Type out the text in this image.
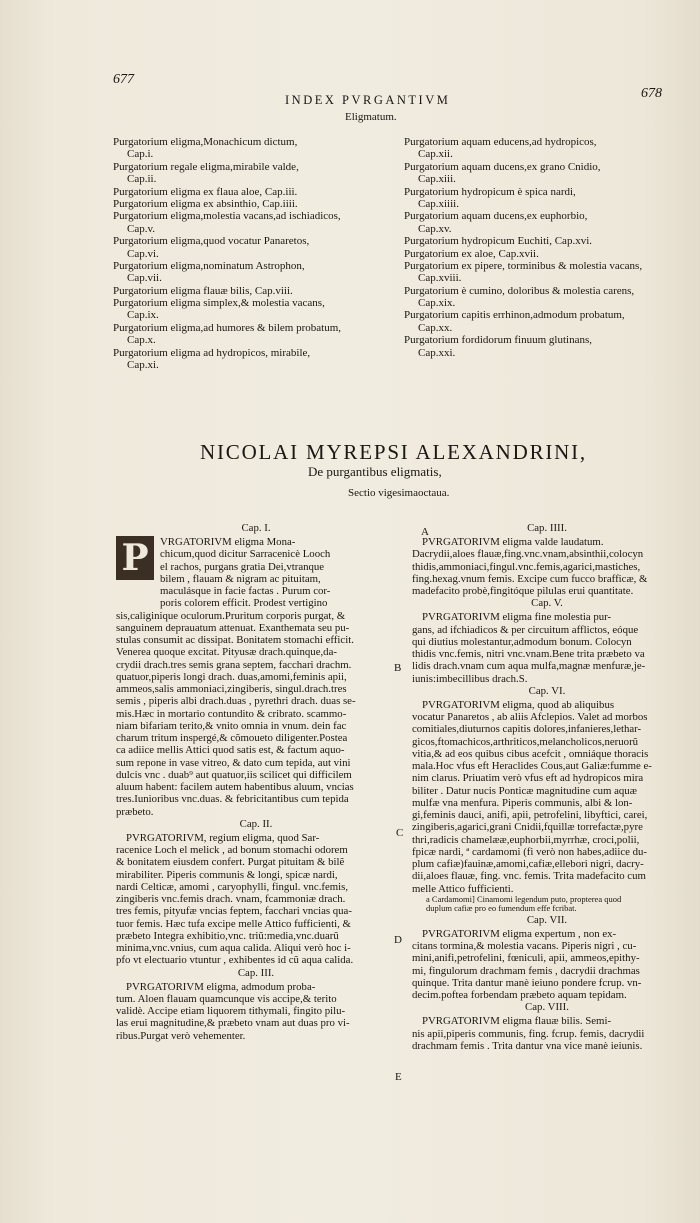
677
678
INDEX PVRGANTIVM
Eligmatum.
Purgatorium eligma,Monachicum dictum,
Cap.i.
Purgatorium regale eligma,mirabile valde,
Cap.ii.
Purgatorium eligma ex flaua aloe, Cap.iii.
Purgatorium eligma ex absinthio, Cap.iiii.
Purgatorium eligma,molestia vacans,ad ischiadicos,
Cap.v.
Purgatorium eligma,quod vocatur Panaretos,
Cap.vi.
Purgatorium eligma,nominatum Astrophon,
Cap.vii.
Purgatorium eligma flauæ bilis, Cap.viii.
Purgatorium eligma simplex,& molestia vacans,
Cap.ix.
Purgatorium eligma,ad humores & bilem probatum,
Cap.x.
Purgatorium eligma ad hydropicos, mirabile,
Cap.xi.
Purgatorium aquam educens,ad hydropicos,
Cap.xii.
Purgatorium aquam ducens,ex grano Cnidio,
Cap.xiii.
Purgatorium hydropicum è spica nardi,
Cap.xiiii.
Purgatorium aquam ducens,ex euphorbio,
Cap.xv.
Purgatorium hydropicum Euchiti, Cap.xvi.
Purgatorium ex aloe, Cap.xvii.
Purgatorium ex pipere, torminibus & molestia vacans,
Cap.xviii.
Purgatorium è cumino, doloribus & molestia carens,
Cap.xix.
Purgatorium capitis errhinon,admodum probatum,
Cap.xx.
Purgatorium fordidorum finuum glutinans,
Cap.xxi.
NICOLAI MYREPSI ALEXANDRINI,
De purgantibus eligmatis,
Sectio vigesimaoctaua.
P
Cap. I.
VRGATORIVM eligma Mona-
chicum,quod dicitur Sarracenicè Looch
el rachos, purgans gratia Dei,vtranque
bilem , flauam & nigram ac pituitam,
maculásque in facie factas . Purum cor-
poris colorem efficit. Prodest vertigino
sis,caliginique oculorum.Pruritum corporis purgat, &
sanguinem deprauatum attenuat. Exanthemata seu pu-
stulas consumit ac dissipat. Bonitatem stomachi efficit.
Venerea quoque excitat. Pityusæ drach.quinque,da-
crydii drach.tres semis grana septem, facchari drachm.
quatuor,piperis longi drach. duas,amomi,feminis apii,
ammeos,salis ammoniaci,zingiberis, singul.drach.tres
semis , piperis albi drach.duas , pyrethri drach. duas se-
mis.Hæc in mortario contundito & cribrato. scammo-
niam bifariam terito,& vnito omnia in vnum. dein fac
charum tritum inspergé,& cõmoueto diligenter.Postea
ca adiice mellis Attici quod satis est, & factum aquo-
sum repone in vase vitreo, & dato cum tepida, aut vini
dulcis vnc . duab⁹ aut quatuor,iis scilicet qui difficilem
aluum habent: facilem autem habentibus aluum, vncias
tres.Iunioribus vnc.duas. & febricitantibus cum tepida
præbeto.
Cap. II.
PVRGATORIVM, regium eligma, quod Sar-
racenice Loch el melick , ad bonum stomachi odorem
& bonitatem eiusdem confert. Purgat pituitam & bilẽ
mirabiliter. Piperis communis & longi, spicæ nardi,
nardi Celticæ, amomi , caryophylli, fingul. vnc.femis,
zingiberis vnc.femis drach. vnam, fcammoniæ drach.
tres femis, pityufæ vncias feptem, facchari vncias qua-
tuor femis. Hæc tufa excipe melle Attico fufficienti, &
præbeto Integra exhibitio,vnc. triũ:media,vnc.duarũ
minima,vnc.vnius, cum aqua calida. Aliqui verò hoc i-
pfo vt electuario vtuntur , exhibentes id cũ aqua calida.
Cap. III.
PVRGATORIVM eligma, admodum proba-
tum. Aloen flauam quamcunque vis accipe,& terito
validè. Accipe etiam liquorem tithymali, fingito pilu-
las erui magnitudine,& præbeto vnam aut duas pro vi-
ribus.Purgat verò vehementer.
Cap. IIII.
PVRGATORIVM eligma valde laudatum.
Dacrydii,aloes flauæ,fing.vnc.vnam,absinthii,colocyn
thidis,ammoniaci,fingul.vnc.femis,agarici,mastiches,
fing.hexag.vnum femis. Excipe cum fucco brafficæ, &
madefacito probè,fingitóque pilulas erui quantitate.
Cap. V.
PVRGATORIVM eligma fine molestia pur-
gans, ad ifchiadicos & per circuitum afflictos, eóque
qui diutius molestantur,admodum bonum. Colocyn
thidis vnc.femis, nitri vnc.vnam.Bene trita præbeto va
lidis drach.vnam cum aqua mulfa,magnæ menfuræ,je-
iunis:imbecillibus drach.S.
Cap. VI.
PVRGATORIVM eligma, quod ab aliquibus
vocatur Panaretos , ab aliis Afclepios. Valet ad morbos
comitiales,diuturnos capitis dolores,infanieres,lethar-
gicos,ftomachicos,arthriticos,melancholicos,neruorũ
vitia,& ad eos quibus cibus acefcit , omniáque thoracis
mala.Hoc vfus eft Heraclides Cous,aut Galiæ:fumme e-
nim clarus. Priuatim verò vfus eft ad hydropicos mira
biliter . Datur nucis Ponticæ magnitudine cum aquæ
mulfæ vna menfura. Piperis communis, albi & lon-
gi,feminis dauci, anifi, apii, petrofelini, libyftici, carei,
zingiberis,agarici,grani Cnidii,fquillæ torrefactæ,pyre
thri,radicis chamelææ,euphorbii,myrrhæ, croci,polii,
fpicæ nardi, ª cardamomi (fi verò non habes,adiice du-
plum cafiæ)fauinæ,amomi,cafiæ,ellebori nigri, dacry-
dii,aloes flauæ, fing. vnc. femis. Trita madefacito cum
melle Attico fufficienti.
a Cardamomi] Cinamomi legendum puto, propterea quod
duplum cafiæ pro eo fumendum effe fcribat.
Cap. VII.
PVRGATORIVM eligma expertum , non ex-
citans tormina,& molestia vacans. Piperis nigri , cu-
mini,anifi,petrofelini, fœniculi, apii, ammeos,epithy-
mi, fingulorum drachmam femis , dacrydii drachmas
quinque. Trita dantur manè ieiuno pondere fcrup. vn-
decim.poftea forbendam præbeto aquam tepidam.
Cap. VIII.
PVRGATORIVM eligma flauæ bilis. Semi-
nis apii,piperis communis, fing. fcrup. femis, dacrydii
drachmam femis . Trita dantur vna vice manè ieiunis.
A
B
C
D
E
